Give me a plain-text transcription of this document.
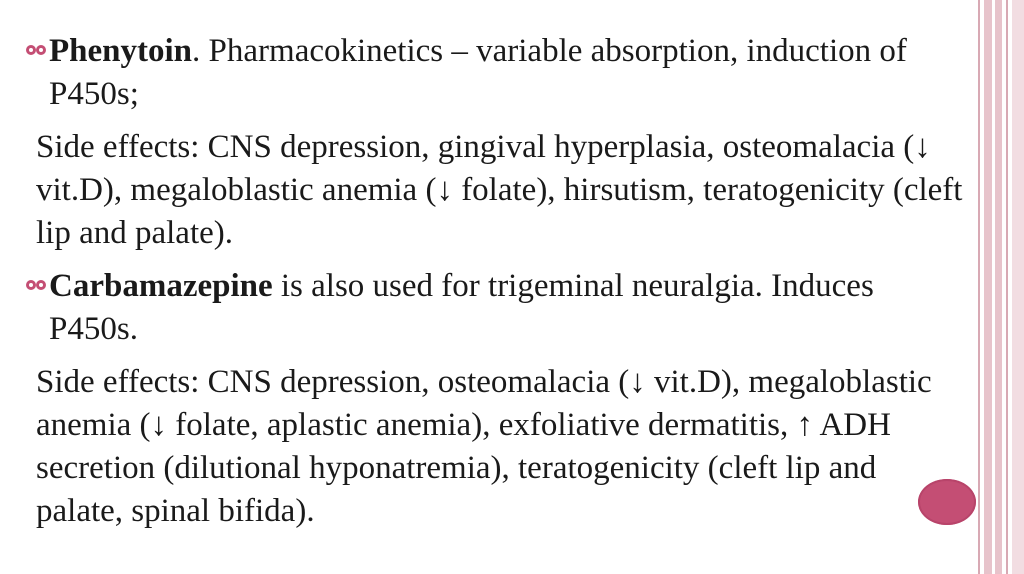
Phenytoin. Pharmacokinetics – variable absorption, induction of P450s;

Side effects: CNS depression, gingival hyperplasia, osteomalacia (↓ vit.D), megaloblastic anemia (↓ folate), hirsutism, teratogenicity (cleft lip and palate).

Carbamazepine is also used for trigeminal neuralgia. Induces P450s.

Side effects: CNS depression, osteomalacia (↓ vit.D), megaloblastic anemia (↓ folate, aplastic anemia), exfoliative dermatitis, ↑ ADH secretion (dilutional hyponatremia), teratogenicity (cleft lip and palate, spinal bifida).
